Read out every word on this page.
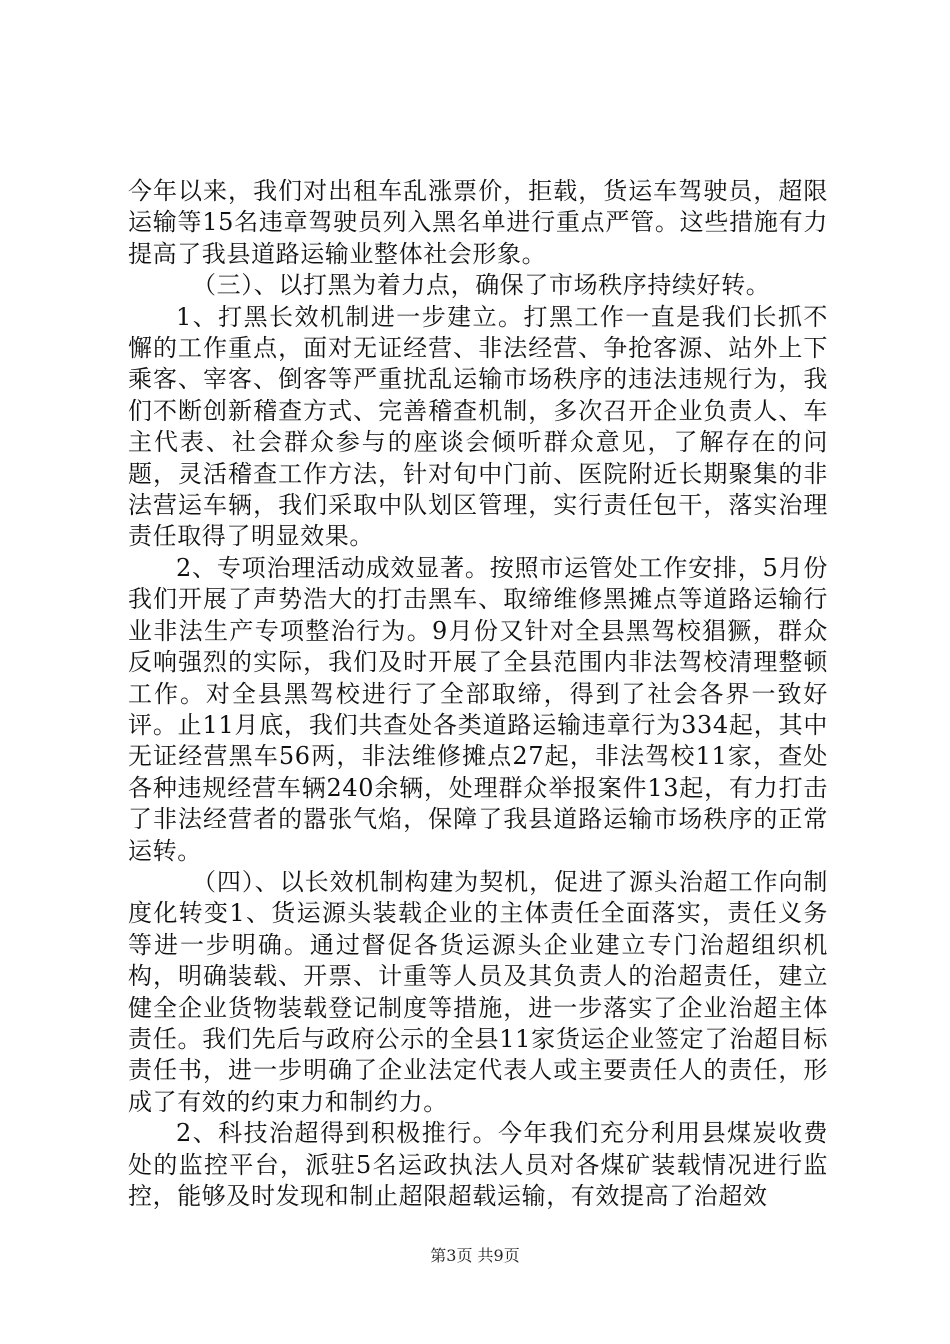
今年以来，我们对出租车乱涨票价，拒载，货运车驾驶员，超限运输等15名违章驾驶员列入黑名单进行重点严管。这些措施有力提高了我县道路运输业整体社会形象。

（三）、以打黑为着力点，确保了市场秩序持续好转。

1、打黑长效机制进一步建立。打黑工作一直是我们长抓不懈的工作重点，面对无证经营、非法经营、争抢客源、站外上下乘客、宰客、倒客等严重扰乱运输市场秩序的违法违规行为，我们不断创新稽查方式、完善稽查机制，多次召开企业负责人、车主代表、社会群众参与的座谈会倾听群众意见，了解存在的问题，灵活稽查工作方法，针对旬中门前、医院附近长期聚集的非法营运车辆，我们采取中队划区管理，实行责任包干，落实治理责任取得了明显效果。

2、专项治理活动成效显著。按照市运管处工作安排，5月份我们开展了声势浩大的打击黑车、取缔维修黑摊点等道路运输行业非法生产专项整治行为。9月份又针对全县黑驾校猖獗，群众反响强烈的实际，我们及时开展了全县范围内非法驾校清理整顿工作。对全县黑驾校进行了全部取缔，得到了社会各界一致好评。止11月底，我们共查处各类道路运输违章行为334起，其中无证经营黑车56两，非法维修摊点27起，非法驾校11家，查处各种违规经营车辆240余辆，处理群众举报案件13起，有力打击了非法经营者的嚣张气焰，保障了我县道路运输市场秩序的正常运转。

（四）、以长效机制构建为契机，促进了源头治超工作向制度化转变1、货运源头装载企业的主体责任全面落实，责任义务等进一步明确。通过督促各货运源头企业建立专门治超组织机构，明确装载、开票、计重等人员及其负责人的治超责任，建立健全企业货物装载登记制度等措施，进一步落实了企业治超主体责任。我们先后与政府公示的全县11家货运企业签定了治超目标责任书，进一步明确了企业法定代表人或主要责任人的责任，形成了有效的约束力和制约力。

2、科技治超得到积极推行。今年我们充分利用县煤炭收费处的监控平台，派驻5名运政执法人员对各煤矿装载情况进行监控，能够及时发现和制止超限超载运输，有效提高了治超效

第3页 共9页
